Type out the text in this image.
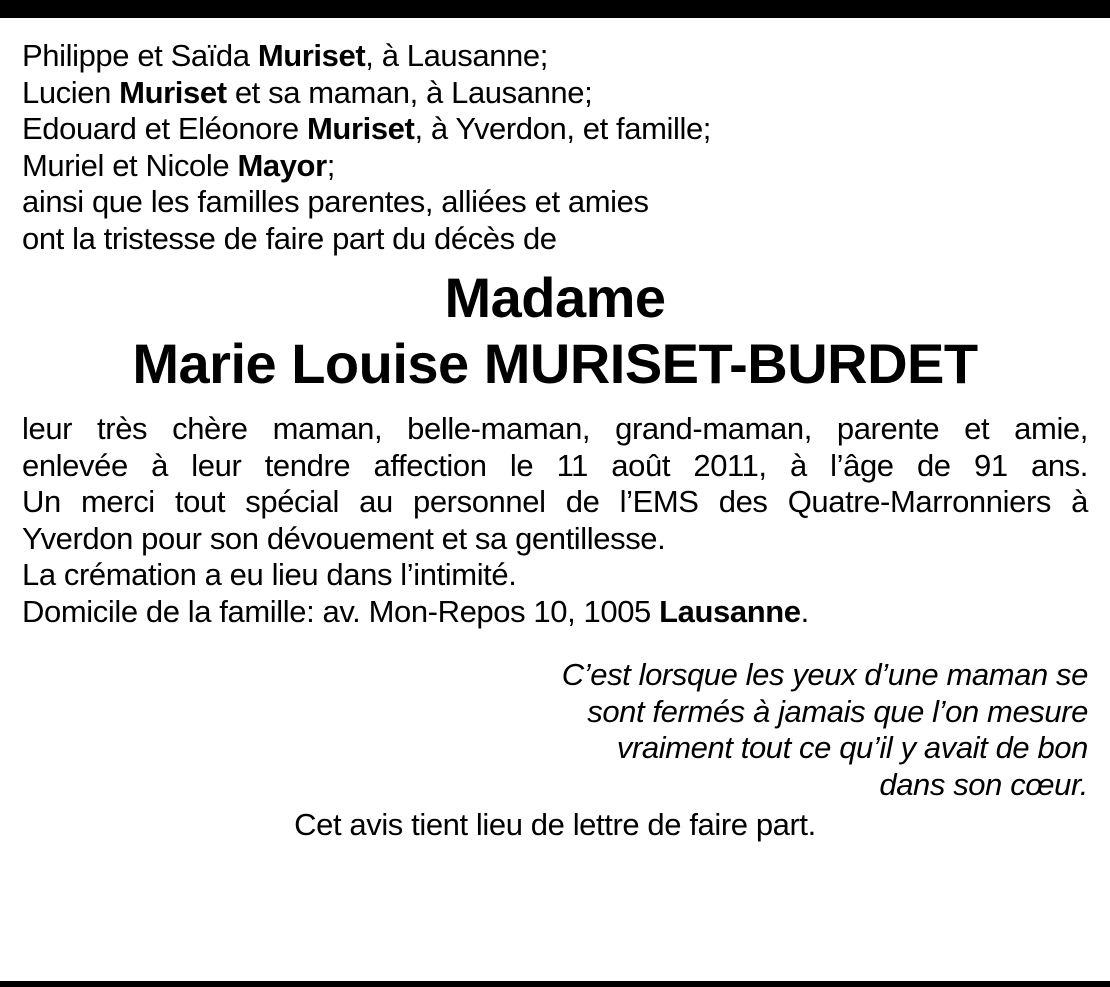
Philippe et Saïda Muriset, à Lausanne;
Lucien Muriset et sa maman, à Lausanne;
Edouard et Eléonore Muriset, à Yverdon, et famille;
Muriel et Nicole Mayor;
ainsi que les familles parentes, alliées et amies
ont la tristesse de faire part du décès de
Madame
Marie Louise MURISET-BURDET
leur très chère maman, belle-maman, grand-maman, parente et amie,
enlevée à leur tendre affection le 11 août 2011, à l’âge de 91 ans.
Un merci tout spécial au personnel de l’EMS des Quatre-Marronniers à
Yverdon pour son dévouement et sa gentillesse.
La crémation a eu lieu dans l’intimité.
Domicile de la famille: av. Mon-Repos 10, 1005 Lausanne.
C’est lorsque les yeux d’une maman se
sont fermés à jamais que l’on mesure
vraiment tout ce qu’il y avait de bon
dans son cœur.
Cet avis tient lieu de lettre de faire part.
